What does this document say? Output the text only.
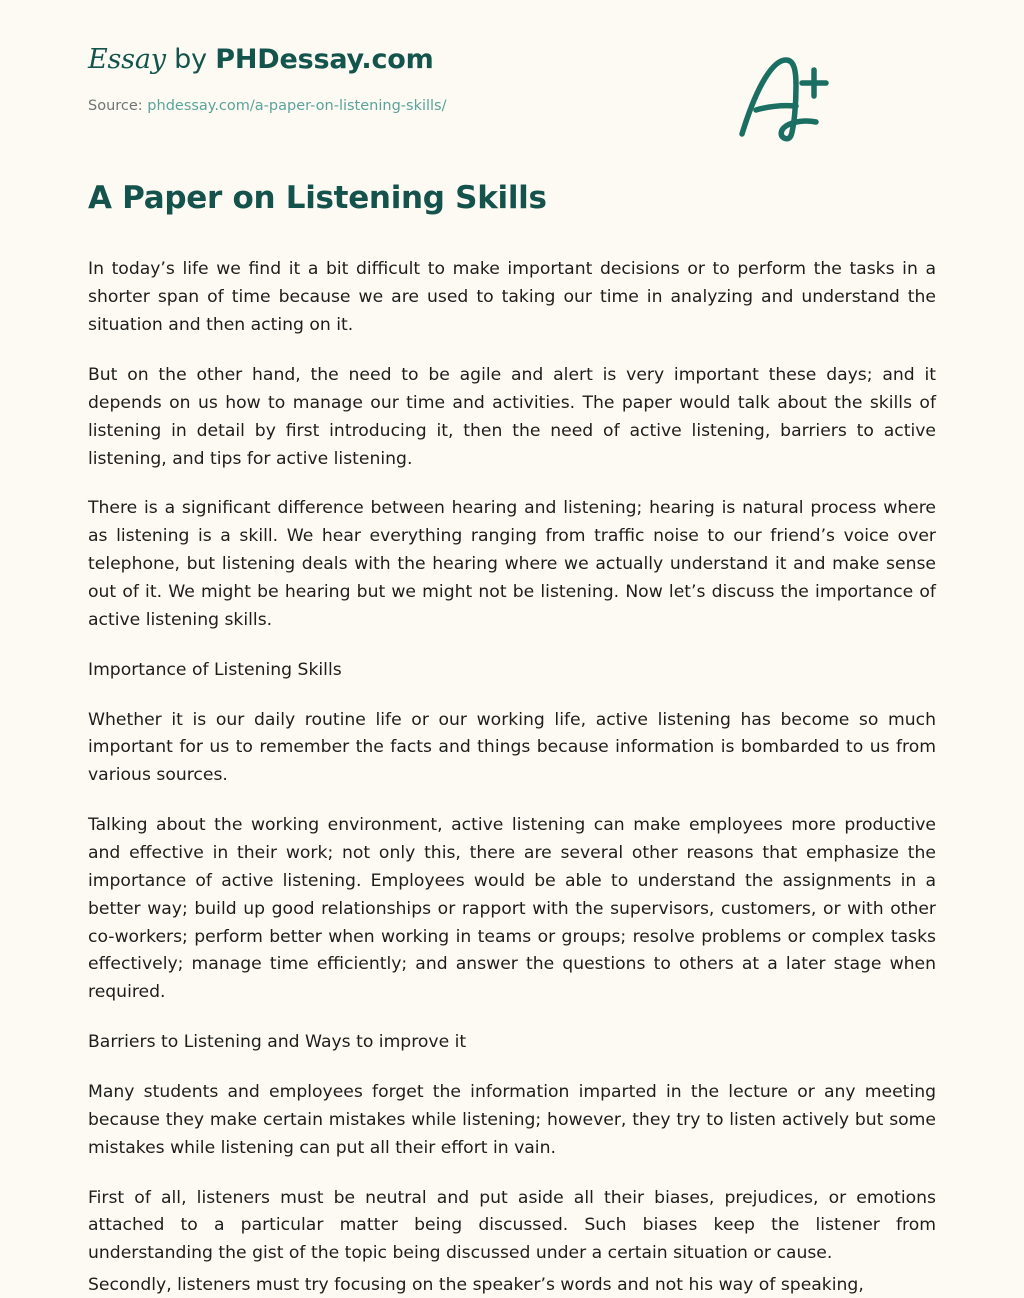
Essay by PHDessay.com
Source: phdessay.com/a-paper-on-listening-skills/
A Paper on Listening Skills

In today’s life we find it a bit difficult to make important decisions or to perform the tasks in a shorter span of time because we are used to taking our time in analyzing and understand the situation and then acting on it.

But on the other hand, the need to be agile and alert is very important these days; and it depends on us how to manage our time and activities. The paper would talk about the skills of listening in detail by first introducing it, then the need of active listening, barriers to active listening, and tips for active listening.

There is a significant difference between hearing and listening; hearing is natural process where as listening is a skill. We hear everything ranging from traffic noise to our friend’s voice over telephone, but listening deals with the hearing where we actually understand it and make sense out of it. We might be hearing but we might not be listening. Now let’s discuss the importance of active listening skills.

Importance of Listening Skills

Whether it is our daily routine life or our working life, active listening has become so much important for us to remember the facts and things because information is bombarded to us from various sources.

Talking about the working environment, active listening can make employees more productive and effective in their work; not only this, there are several other reasons that emphasize the importance of active listening. Employees would be able to understand the assignments in a better way; build up good relationships or rapport with the supervisors, customers, or with other co-workers; perform better when working in teams or groups; resolve problems or complex tasks effectively; manage time efficiently; and answer the questions to others at a later stage when required.

Barriers to Listening and Ways to improve it

Many students and employees forget the information imparted in the lecture or any meeting because they make certain mistakes while listening; however, they try to listen actively but some mistakes while listening can put all their effort in vain.

First of all, listeners must be neutral and put aside all their biases, prejudices, or emotions attached to a particular matter being discussed. Such biases keep the listener from understanding the gist of the topic being discussed under a certain situation or cause.

Secondly, listeners must try focusing on the speaker’s words and not his way of speaking,
